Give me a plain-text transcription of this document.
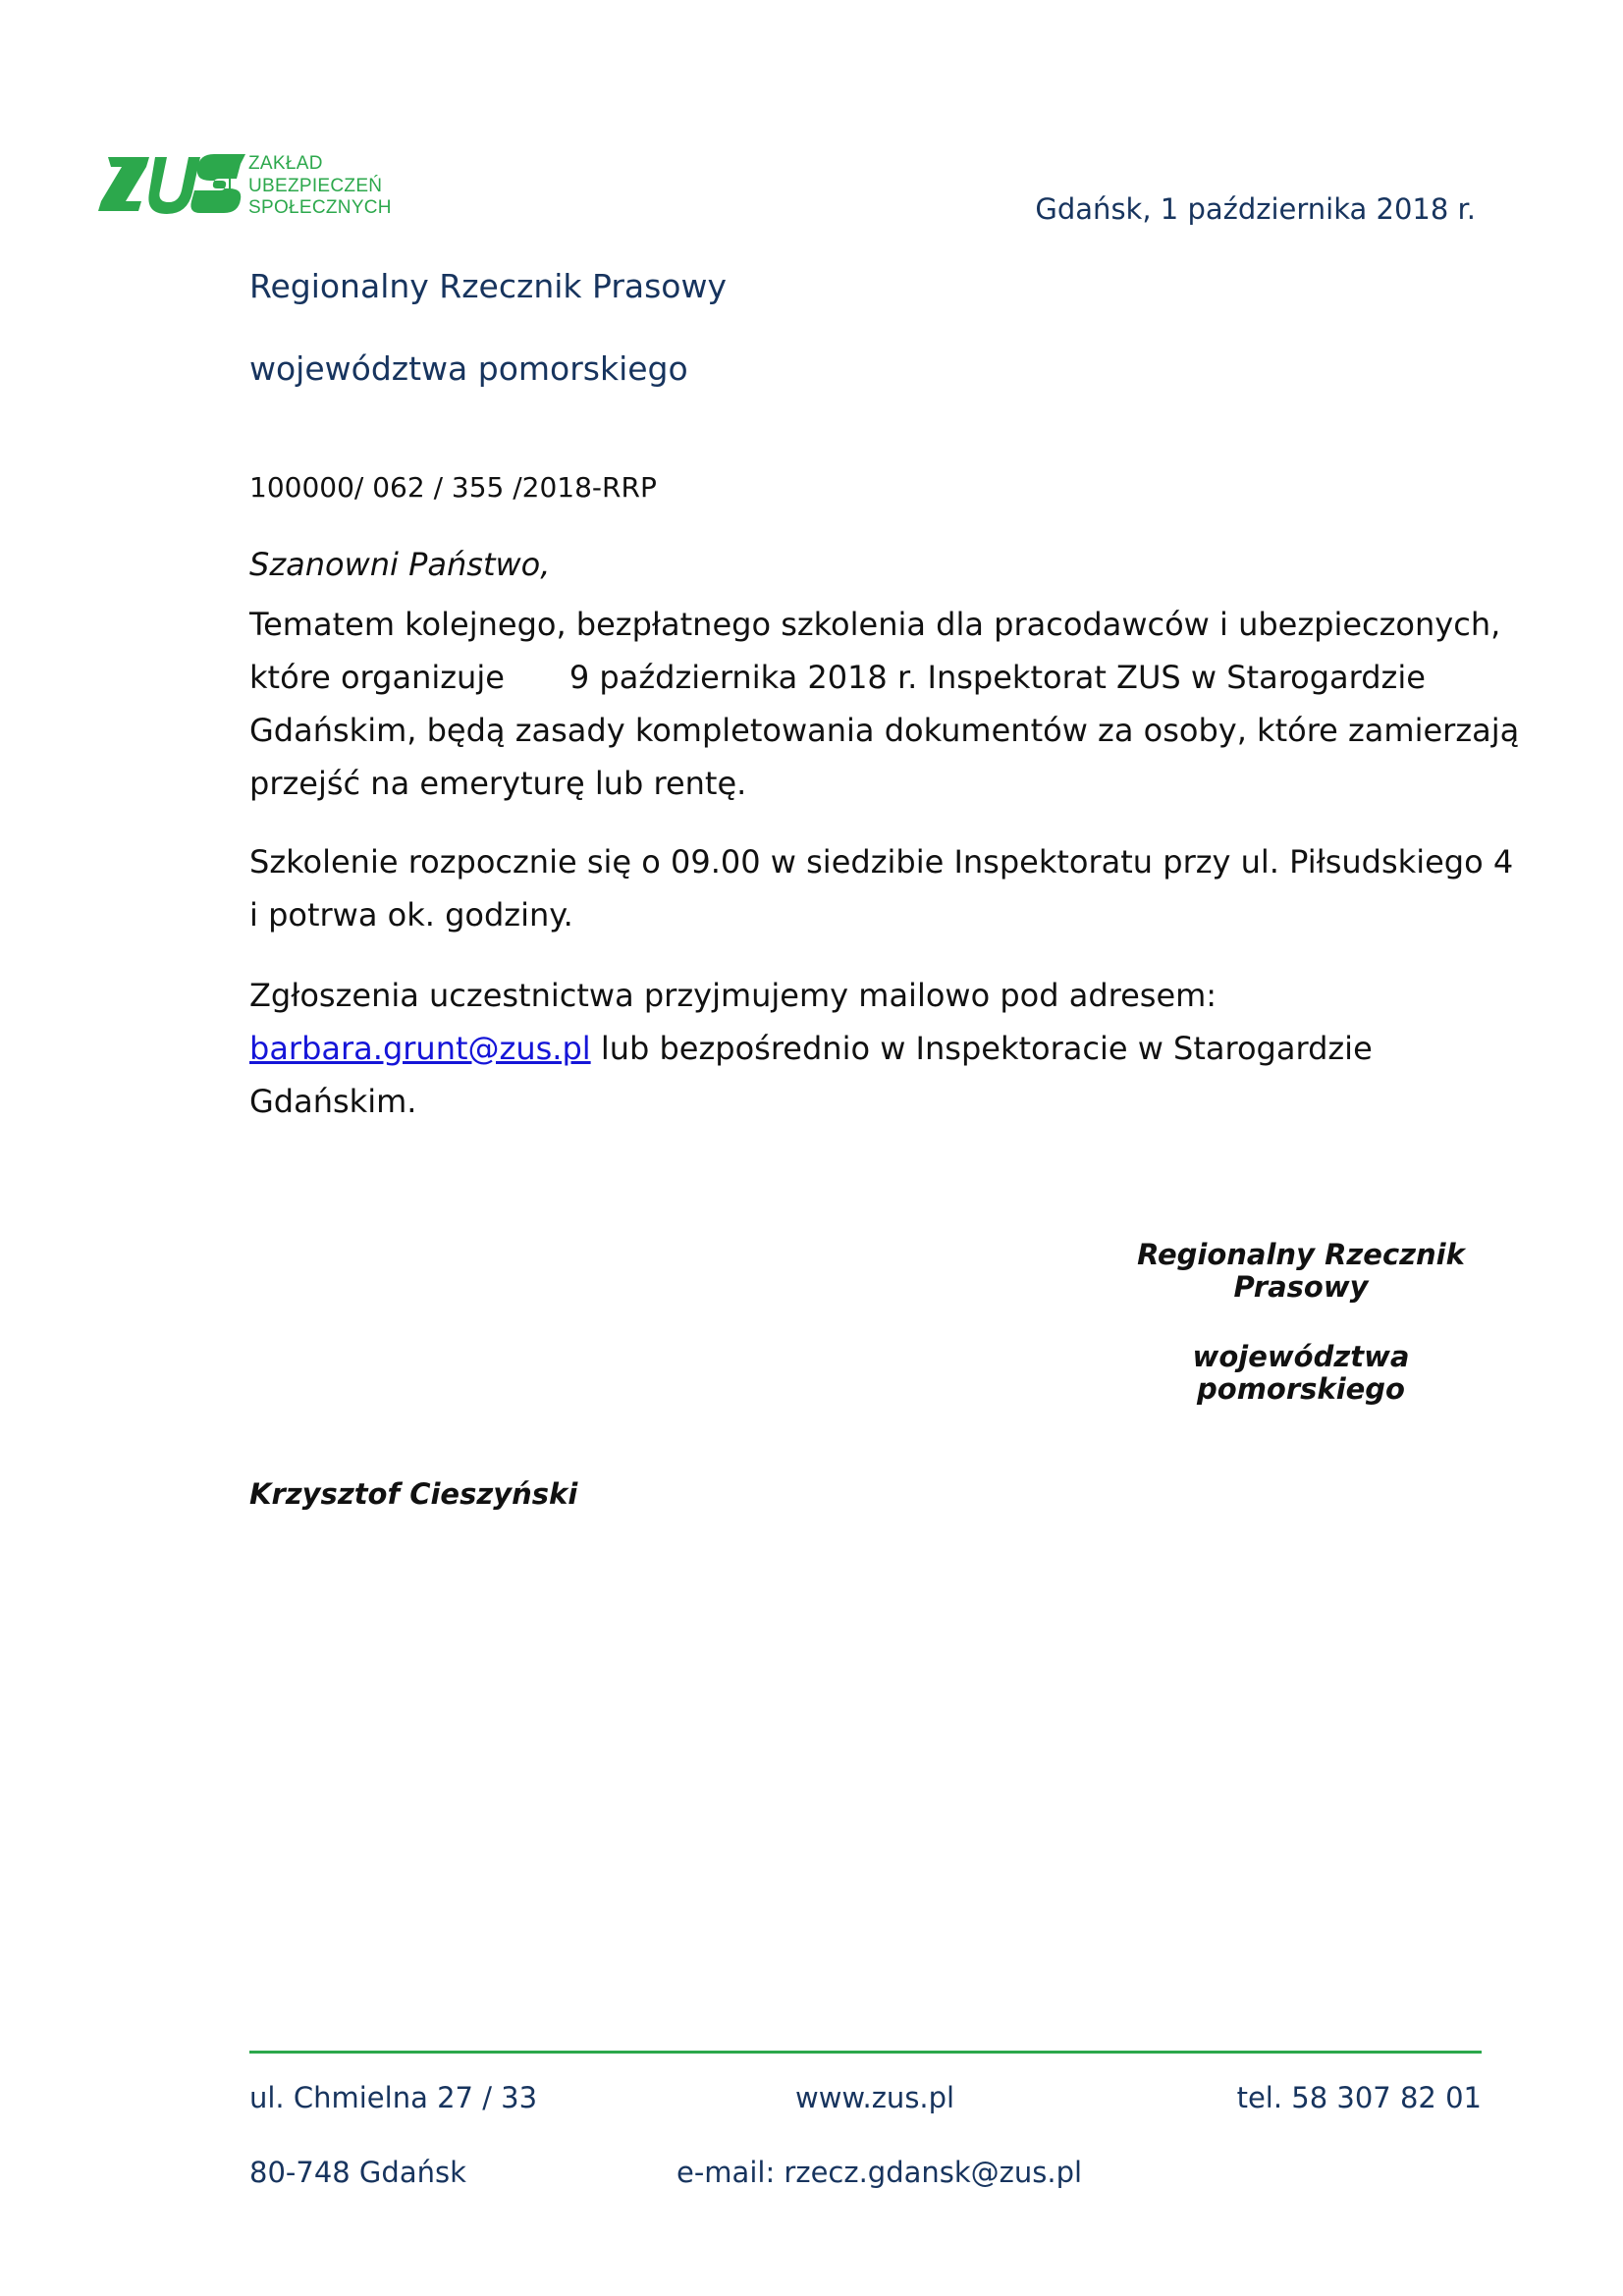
ZAKŁAD
UBEZPIECZEŃ
SPOŁECZNYCH	Gdańsk, 1 października 2018 r.
Regionalny Rzecznik Prasowy
województwa pomorskiego
100000/ 062 / 355 /2018-RRP
Szanowni Państwo,
Tematem kolejnego, bezpłatnego szkolenia dla pracodawców i ubezpieczonych,
które organizuje 9 października 2018 r. Inspektorat ZUS w Starogardzie
Gdańskim, będą zasady kompletowania dokumentów za osoby, które zamierzają
przejść na emeryturę lub rentę.
Szkolenie rozpocznie się o 09.00 w siedzibie Inspektoratu przy ul. Piłsudskiego 4
i potrwa ok. godziny.
Zgłoszenia uczestnictwa przyjmujemy mailowo pod adresem:
barbara.grunt@zus.pl lub bezpośrednio w Inspektoracie w Starogardzie
Gdańskim.
Regionalny Rzecznik
Prasowy
województwa
pomorskiego
Krzysztof Cieszyński
ul. Chmielna 27 / 33	www.zus.pl	tel. 58 307 82 01
80-748 Gdańsk	e-mail: rzecz.gdansk@zus.pl
